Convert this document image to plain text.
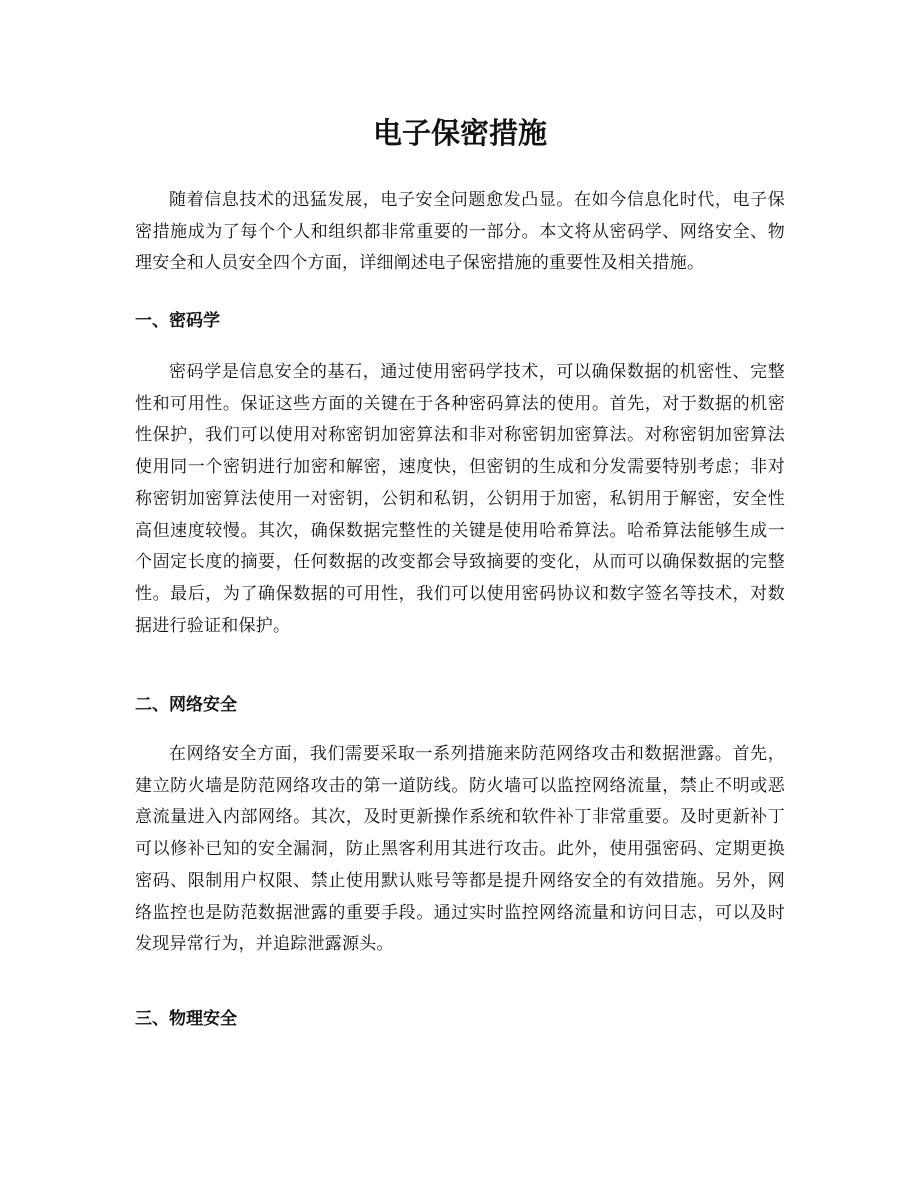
电子保密措施

随着信息技术的迅猛发展，电子安全问题愈发凸显。在如今信息化时代，电子保密措施成为了每个个人和组织都非常重要的一部分。本文将从密码学、网络安全、物理安全和人员安全四个方面，详细阐述电子保密措施的重要性及相关措施。

一、密码学

密码学是信息安全的基石，通过使用密码学技术，可以确保数据的机密性、完整性和可用性。保证这些方面的关键在于各种密码算法的使用。首先，对于数据的机密性保护，我们可以使用对称密钥加密算法和非对称密钥加密算法。对称密钥加密算法使用同一个密钥进行加密和解密，速度快，但密钥的生成和分发需要特别考虑；非对称密钥加密算法使用一对密钥，公钥和私钥，公钥用于加密，私钥用于解密，安全性高但速度较慢。其次，确保数据完整性的关键是使用哈希算法。哈希算法能够生成一个固定长度的摘要，任何数据的改变都会导致摘要的变化，从而可以确保数据的完整性。最后，为了确保数据的可用性，我们可以使用密码协议和数字签名等技术，对数据进行验证和保护。

二、网络安全

在网络安全方面，我们需要采取一系列措施来防范网络攻击和数据泄露。首先，建立防火墙是防范网络攻击的第一道防线。防火墙可以监控网络流量，禁止不明或恶意流量进入内部网络。其次，及时更新操作系统和软件补丁非常重要。及时更新补丁可以修补已知的安全漏洞，防止黑客利用其进行攻击。此外，使用强密码、定期更换密码、限制用户权限、禁止使用默认账号等都是提升网络安全的有效措施。另外，网络监控也是防范数据泄露的重要手段。通过实时监控网络流量和访问日志，可以及时发现异常行为，并追踪泄露源头。

三、物理安全
